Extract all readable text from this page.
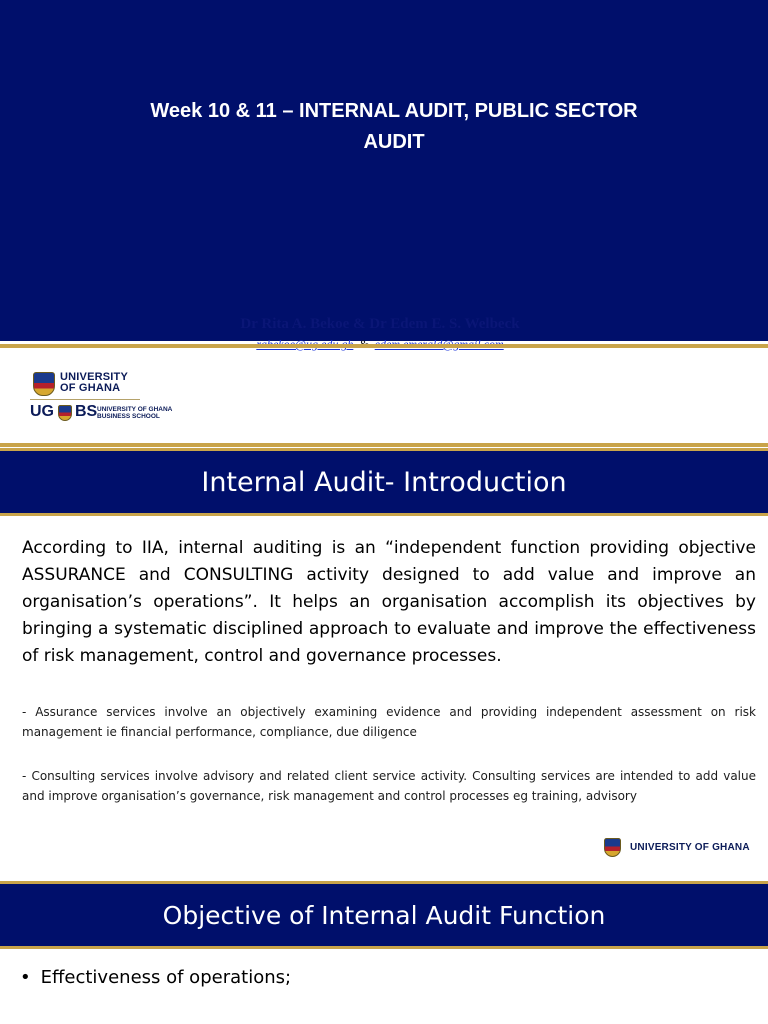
Week 10 & 11 – INTERNAL AUDIT, PUBLIC SECTOR AUDIT
Dr Rita A. Bekoe & Dr Edem E. S. Welbeck
UNIVERSITY
OF GHANA
UG BS UNIVERSITY OF GHANA
BUSINESS SCHOOL
Internal Audit- Introduction

According to IIA, internal auditing is an “independent function providing objective ASSURANCE and CONSULTING activity designed to add value and improve an organisation’s operations”. It helps an organisation accomplish its objectives by bringing a systematic disciplined approach to evaluate and improve the effectiveness of risk management, control and governance processes.

- Assurance services involve an objectively examining evidence and providing independent assessment on risk management ie financial performance, compliance, due diligence

- Consulting services involve advisory and related client service activity. Consulting services are intended to add value and improve organisation’s governance, risk management and control processes eg training, advisory

UNIVERSITY OF GHANA
Objective of Internal Audit Function
• Effectiveness of operations;
